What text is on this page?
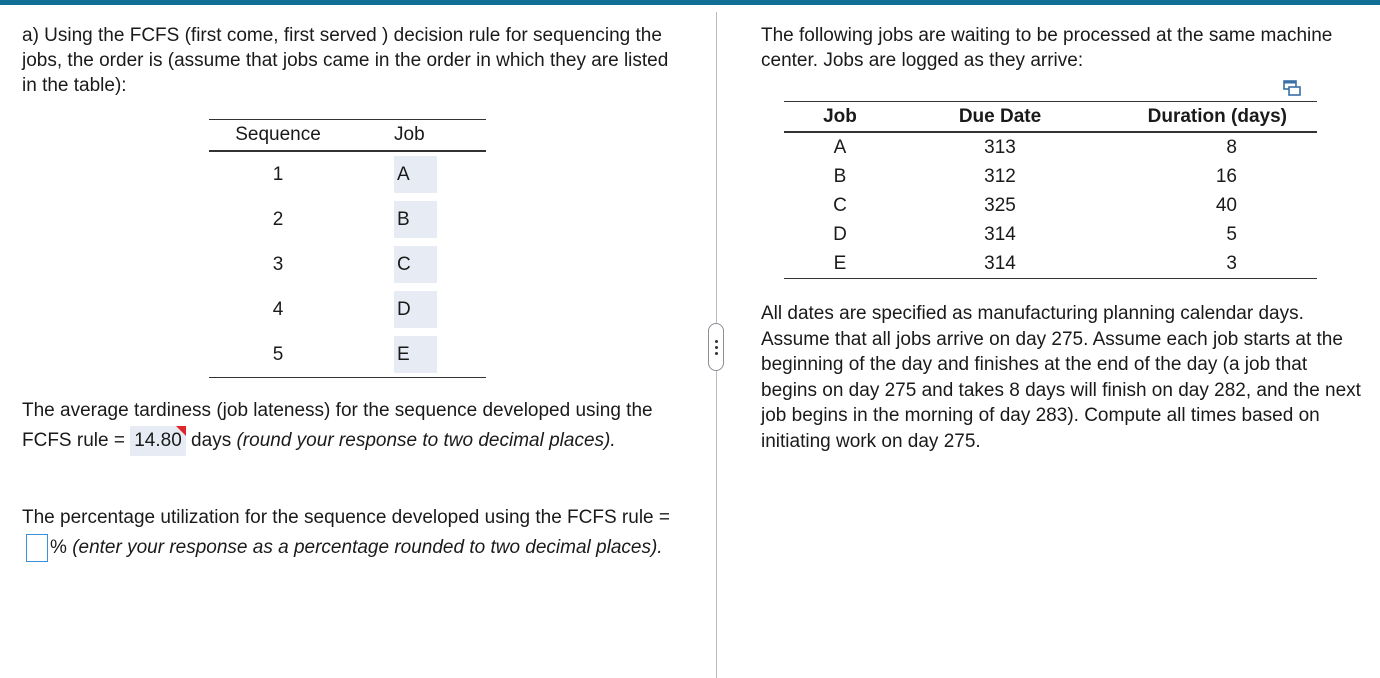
a) Using the FCFS (first come, first served ) decision rule for sequencing the jobs, the order is (assume that jobs came in the order in which they are listed in the table):

Sequence	Job
1	A
2	B
3	C
4	D
5	E
The average tardiness (job lateness) for the sequence developed using the FCFS rule = 14.80 days (round your response to two decimal places).
The percentage utilization for the sequence developed using the FCFS rule = % (enter your response as a percentage rounded to two decimal places).

The following jobs are waiting to be processed at the same machine center. Jobs are logged as they arrive:

Job	Due Date	Duration (days)
A	313	8
B	312	16
C	325	40
D	314	5
E	314	3

All dates are specified as manufacturing planning calendar days. Assume that all jobs arrive on day 275. Assume each job starts at the beginning of the day and finishes at the end of the day (a job that begins on day 275 and takes 8 days will finish on day 282, and the next job begins in the morning of day 283). Compute all times based on initiating work on day 275.
